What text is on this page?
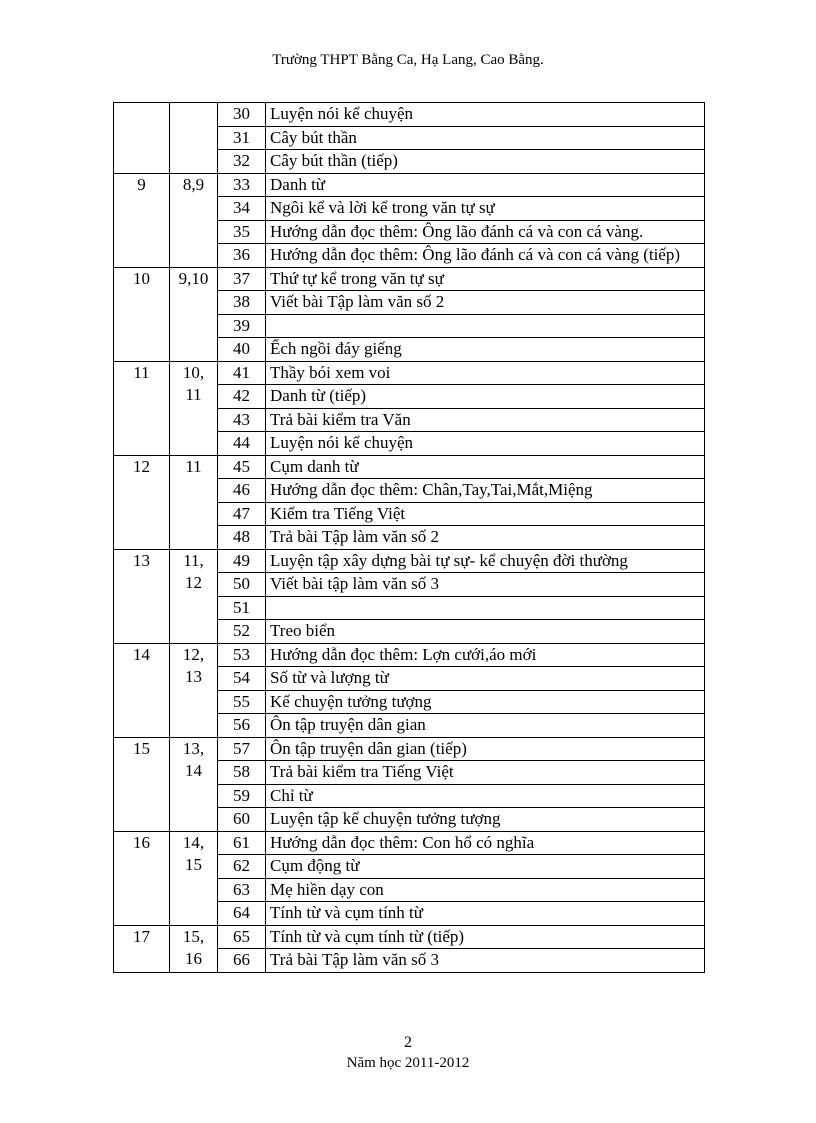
Trường THPT Bằng Ca, Hạ Lang, Cao Bằng.
		30	Luyện nói kể chuyện
		31	Cây bút thần
		32	Cây bút thần (tiếp)
9	8,9	33	Danh từ
		34	Ngôi kể và lời kể trong văn tự sự
		35	Hướng dẫn đọc thêm: Ông lão đánh cá và con cá vàng.
		36	Hướng dẫn đọc thêm: Ông lão đánh cá và con cá vàng (tiếp)
10	9,10	37	Thứ tự kể trong văn tự sự
		38	Viết bài Tập làm văn số 2
		39	
		40	Ếch ngồi đáy giếng
11	10, 11	41	Thầy bói xem voi
		42	Danh từ (tiếp)
		43	Trả bài kiểm tra Văn
		44	Luyện nói kể chuyện
12	11	45	Cụm danh từ
		46	Hướng dẫn đọc thêm: Chân,Tay,Tai,Mắt,Miệng
		47	Kiểm tra Tiếng Việt
		48	Trả bài Tập làm văn số 2
13	11, 12	49	Luyện tập xây dựng bài tự sự- kể chuyện đời thường
		50	Viết bài tập làm văn số 3
		51	
		52	Treo biển
14	12, 13	53	Hướng dẫn đọc thêm: Lợn cưới,áo mới
		54	Số từ và lượng từ
		55	Kể chuyện tưởng tượng
		56	Ôn tập truyện dân gian
15	13, 14	57	Ôn tập truyện dân gian (tiếp)
		58	Trả bài kiểm tra Tiếng Việt
		59	Chỉ từ
		60	Luyện tập kể chuyện tưởng tượng
16	14, 15	61	Hướng dẫn đọc thêm: Con hổ có nghĩa
		62	Cụm động từ
		63	Mẹ hiền dạy con
		64	Tính từ và cụm tính từ
17	15, 16	65	Tính từ và cụm tính từ (tiếp)
		66	Trả bài Tập làm văn số 3
2
Năm học 2011-2012
